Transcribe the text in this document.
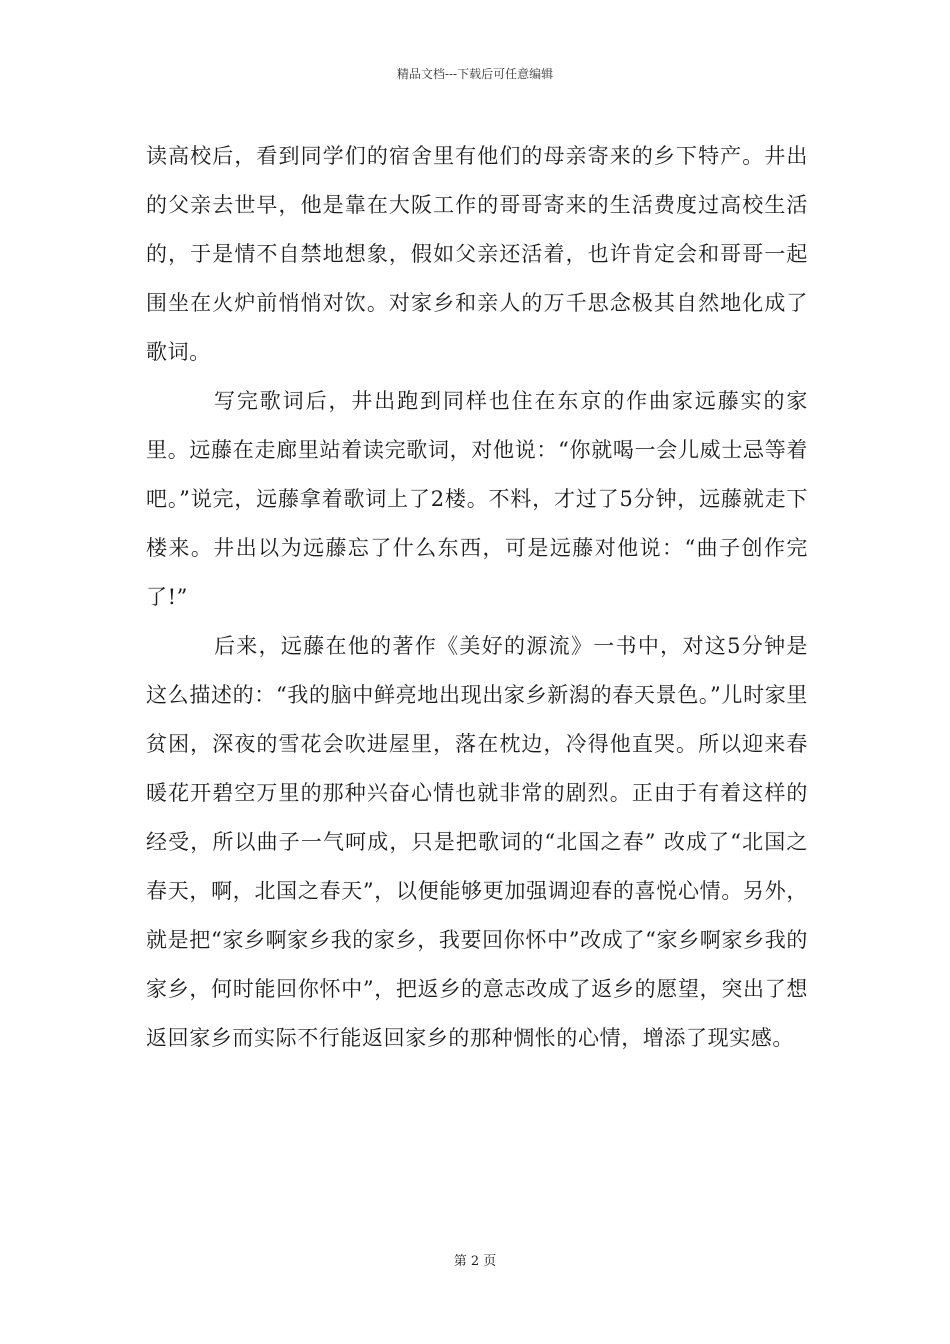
精品文档---下载后可任意编辑

读高校后，看到同学们的宿舍里有他们的母亲寄来的乡下特产。井出的父亲去世早，他是靠在大阪工作的哥哥寄来的生活费度过高校生活的，于是情不自禁地想象，假如父亲还活着，也许肯定会和哥哥一起围坐在火炉前悄悄对饮。对家乡和亲人的万千思念极其自然地化成了歌词。

写完歌词后，井出跑到同样也住在东京的作曲家远藤实的家里。远藤在走廊里站着读完歌词，对他说：“你就喝一会儿威士忌等着吧。”说完，远藤拿着歌词上了2楼。不料，才过了5分钟，远藤就走下楼来。井出以为远藤忘了什么东西，可是远藤对他说：“曲子创作完了!”

后来，远藤在他的著作《美好的源流》一书中，对这5分钟是这么描述的：“我的脑中鲜亮地出现出家乡新潟的春天景色。”儿时家里贫困，深夜的雪花会吹进屋里，落在枕边，冷得他直哭。所以迎来春暖花开碧空万里的那种兴奋心情也就非常的剧烈。正由于有着这样的经受，所以曲子一气呵成，只是把歌词的“北国之春” 改成了“北国之春天，啊，北国之春天”，以便能够更加强调迎春的喜悦心情。另外，就是把“家乡啊家乡我的家乡，我要回你怀中”改成了“家乡啊家乡我的家乡，何时能回你怀中”，把返乡的意志改成了返乡的愿望，突出了想返回家乡而实际不行能返回家乡的那种惆怅的心情，增添了现实感。

第 2 页
